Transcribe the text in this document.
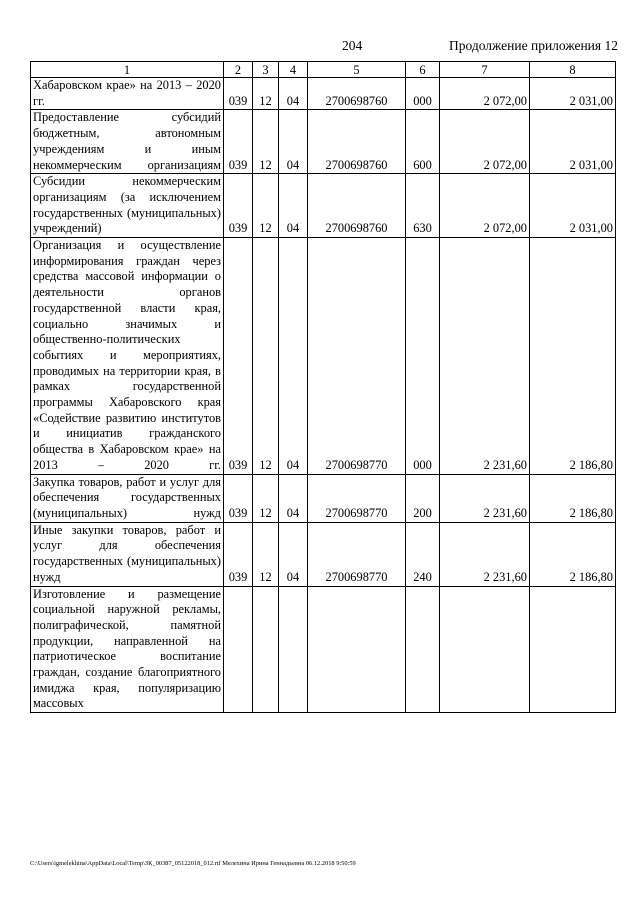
204	Продолжение приложения 12
1	2	3	4	5	6	7	8
Хабаровском крае» на 2013 – 2020 гг.	039	12	04	2700698760	000	2 072,00	2 031,00
Предоставление субсидий бюджетным, автономным учреждениям и иным некоммерческим организациям	039	12	04	2700698760	600	2 072,00	2 031,00
Субсидии некоммерческим организациям (за исключением государственных (муниципальных) учреждений)	039	12	04	2700698760	630	2 072,00	2 031,00
Организация и осуществление информирования граждан через средства массовой информации о деятельности органов государственной власти края, социально значимых и общественно-политических событиях и мероприятиях, проводимых на территории края, в рамках государственной программы Хабаровского края «Содействие развитию институтов и инициатив гражданского общества в Хабаровском крае» на 2013 – 2020 гг.	039	12	04	2700698770	000	2 231,60	2 186,80
Закупка товаров, работ и услуг для обеспечения государственных (муниципальных) нужд	039	12	04	2700698770	200	2 231,60	2 186,80
Иные закупки товаров, работ и услуг для обеспечения государственных (муниципальных) нужд	039	12	04	2700698770	240	2 231,60	2 186,80
Изготовление и размещение социальной наружной рекламы, полиграфической, памятной продукции, направленной на патриотическое воспитание граждан, создание благоприятного имиджа края, популяризацию массовых							
C:\Users\igmelekhina\AppData\Local\Temp\ЗК_00387_05122018_012.rtf Мелехина Ирина Геннадьевна 06.12.2018 9:50:59
